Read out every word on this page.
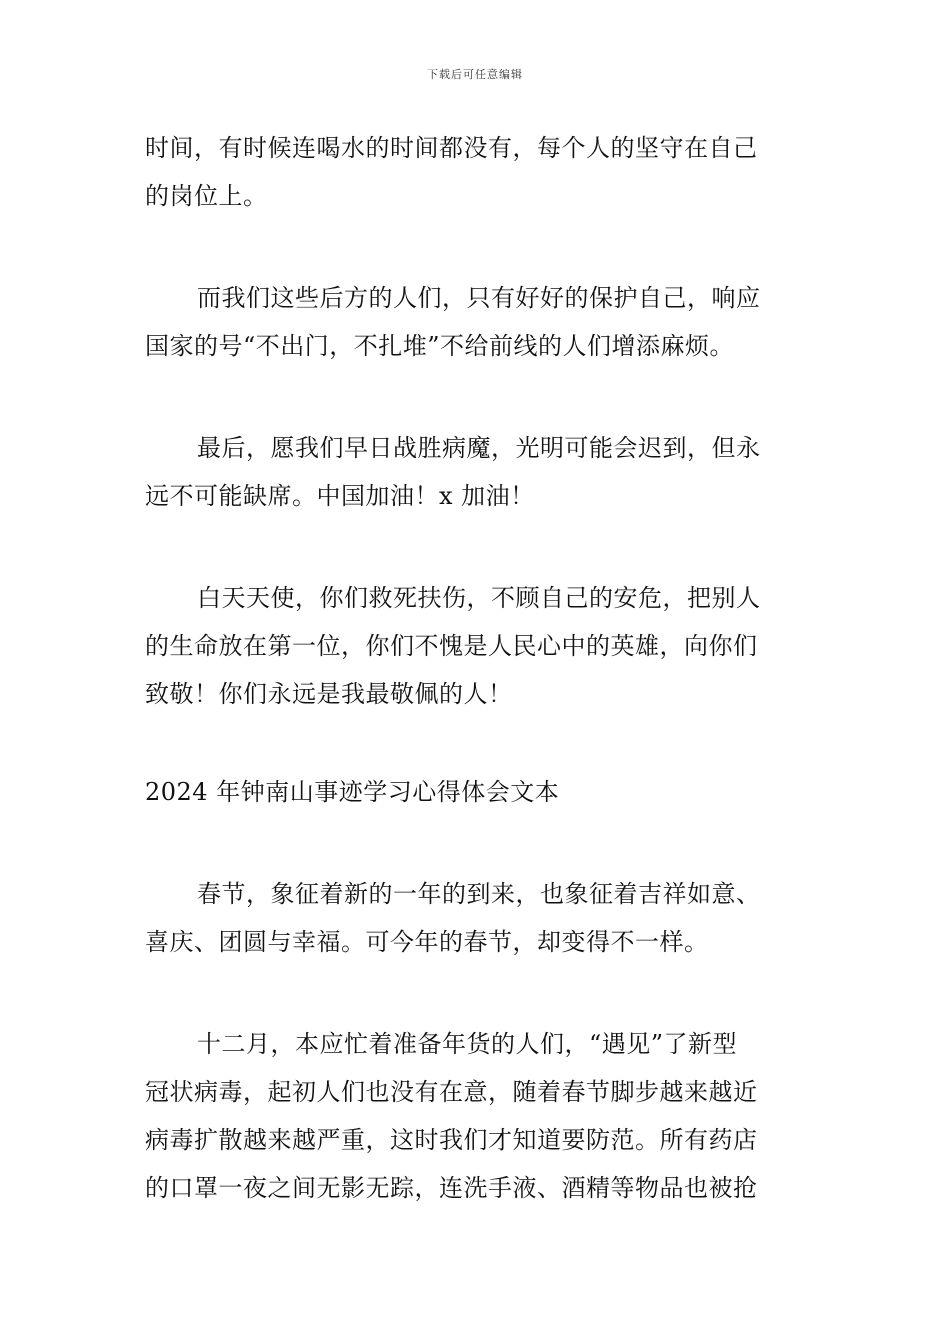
下载后可任意编辑

时间，有时候连喝水的时间都没有，每个人的坚守在自己
的岗位上。

而我们这些后方的人们，只有好好的保护自己，响应
国家的号“不出门，不扎堆”不给前线的人们增添麻烦。

最后，愿我们早日战胜病魔，光明可能会迟到，但永
远不可能缺席。中国加油！x 加油！

白天天使，你们救死扶伤，不顾自己的安危，把别人
的生命放在第一位，你们不愧是人民心中的英雄，向你们
致敬！你们永远是我最敬佩的人！

2024 年钟南山事迹学习心得体会文本

春节，象征着新的一年的到来，也象征着吉祥如意、
喜庆、团圆与幸福。可今年的春节，却变得不一样。

十二月，本应忙着准备年货的人们，“遇见”了新型
冠状病毒，起初人们也没有在意，随着春节脚步越来越近
病毒扩散越来越严重，这时我们才知道要防范。所有药店
的口罩一夜之间无影无踪，连洗手液、酒精等物品也被抢
